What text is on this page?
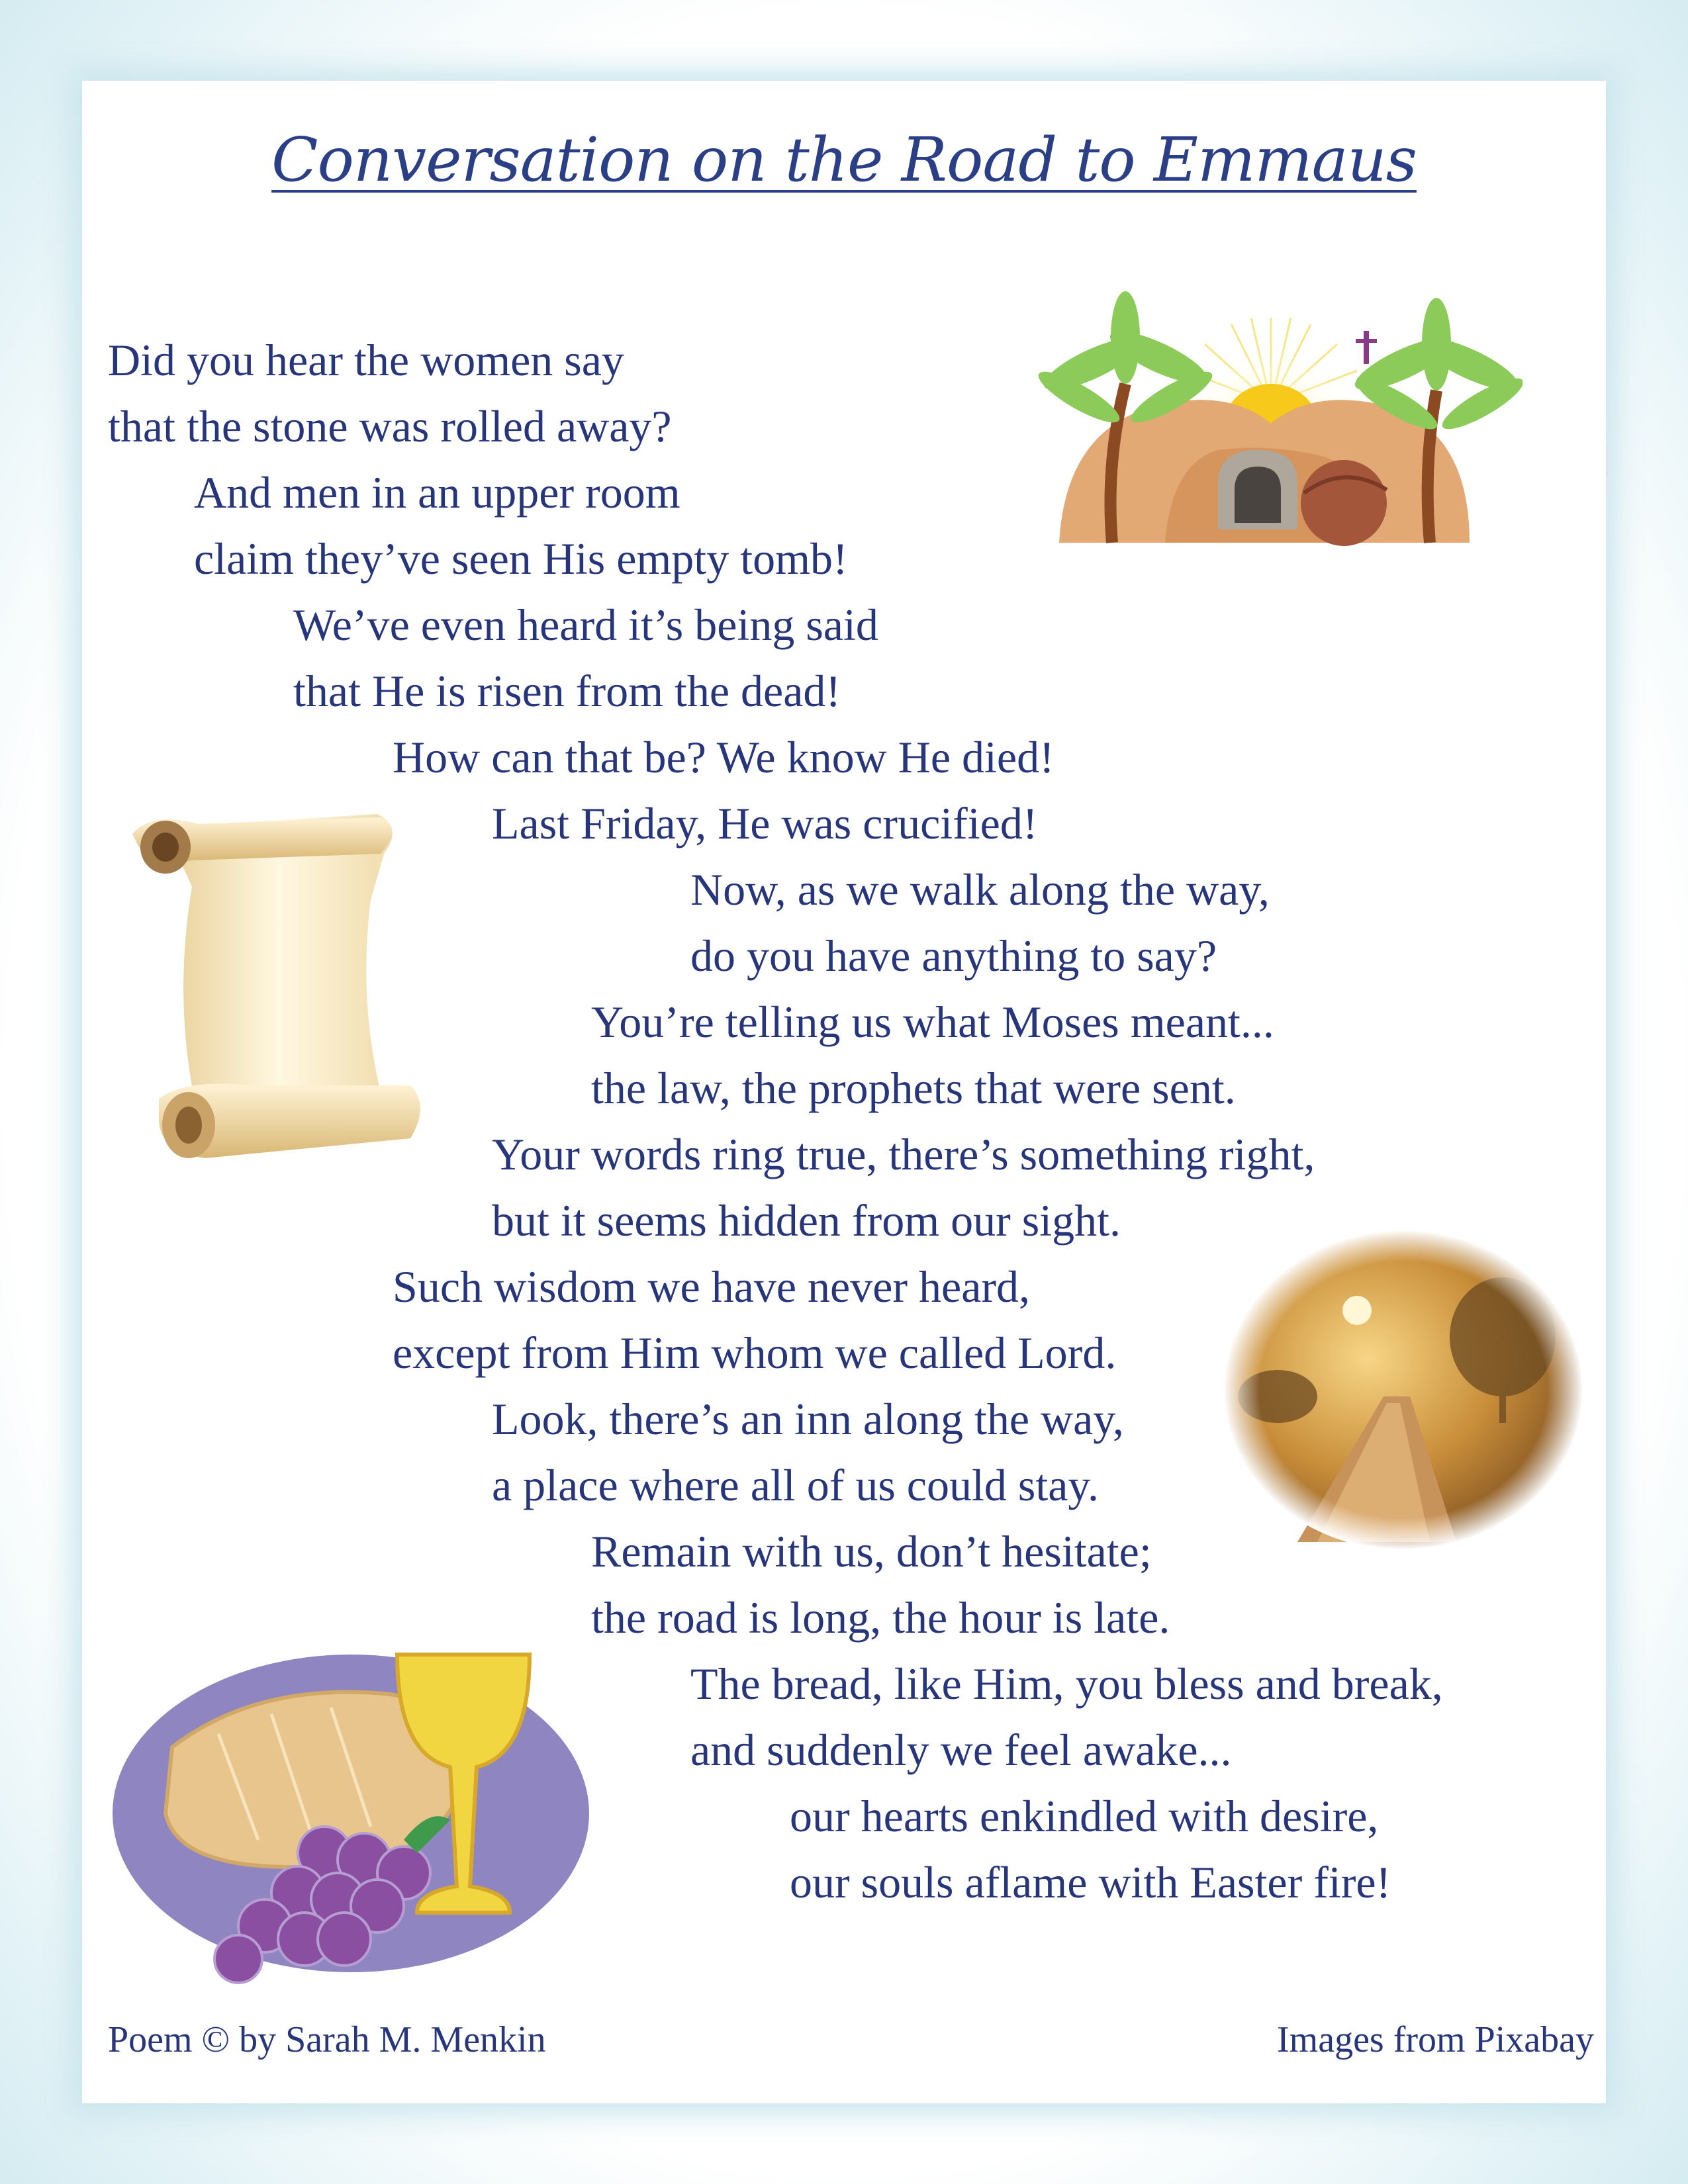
Conversation on the Road to Emmaus
Did you hear the women say
that the stone was rolled away?
And men in an upper room
claim they’ve seen His empty tomb!
We’ve even heard it’s being said
that He is risen from the dead!
How can that be? We know He died!
Last Friday, He was crucified!
Now, as we walk along the way,
do you have anything to say?
You’re telling us what Moses meant...
the law, the prophets that were sent.
Your words ring true, there’s something right,
but it seems hidden from our sight.
Such wisdom we have never heard,
except from Him whom we called Lord.
Look, there’s an inn along the way,
a place where all of us could stay.
Remain with us, don’t hesitate;
the road is long, the hour is late.
The bread, like Him, you bless and break,
and suddenly we feel awake...
our hearts enkindled with desire,
our souls aflame with Easter fire!
Poem © by Sarah M. Menkin	Images from Pixabay
